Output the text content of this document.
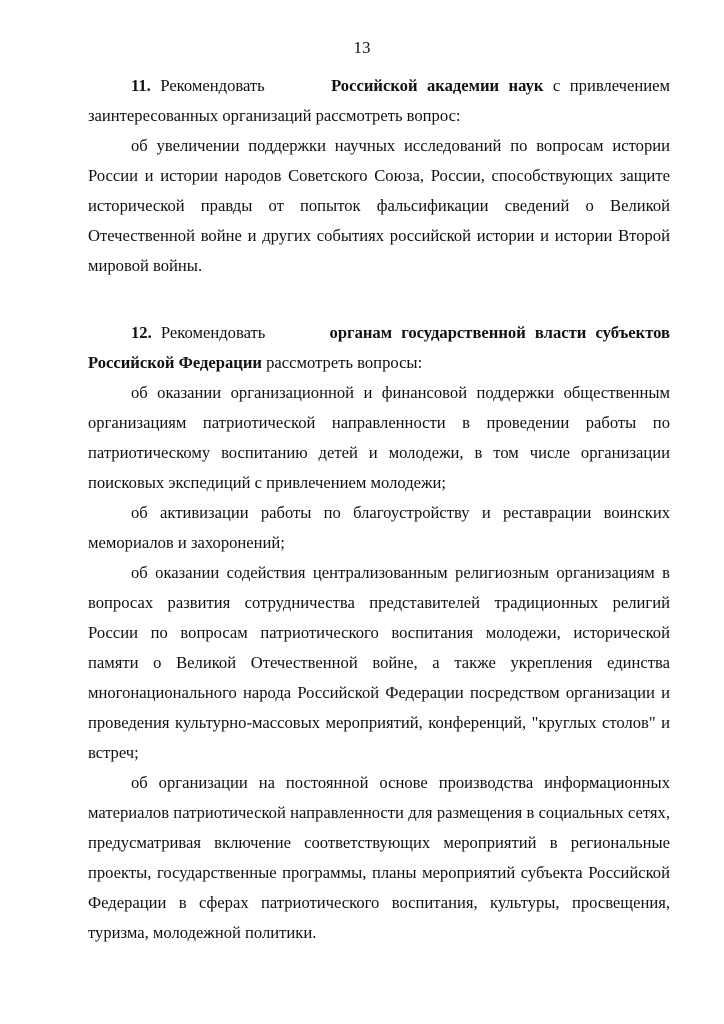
13

11. Рекомендовать	Российской академии наук с привлечением заинтересованных организаций рассмотреть вопрос:

об увеличении поддержки научных исследований по вопросам истории России и истории народов Советского Союза, России, способствующих защите исторической правды от попыток фальсификации сведений о Великой Отечественной войне и других событиях российской истории и истории Второй мировой войны.

12. Рекомендовать	органам государственной власти субъектов Российской Федерации рассмотреть вопросы:

об оказании организационной и финансовой поддержки общественным организациям патриотической направленности в проведении работы по патриотическому воспитанию детей и молодежи, в том числе организации поисковых экспедиций с привлечением молодежи;

об активизации работы по благоустройству и реставрации воинских мемориалов и захоронений;

об оказании содействия централизованным религиозным организациям в вопросах развития сотрудничества представителей традиционных религий России по вопросам патриотического воспитания молодежи, исторической памяти о Великой Отечественной войне, а также укрепления единства многонационального народа Российской Федерации посредством организации и проведения культурно-массовых мероприятий, конференций, "круглых столов" и встреч;

об организации на постоянной основе производства информационных материалов патриотической направленности для размещения в социальных сетях, предусматривая включение соответствующих мероприятий в региональные проекты, государственные программы, планы мероприятий субъекта Российской Федерации в сферах патриотического воспитания, культуры, просвещения, туризма, молодежной политики.
